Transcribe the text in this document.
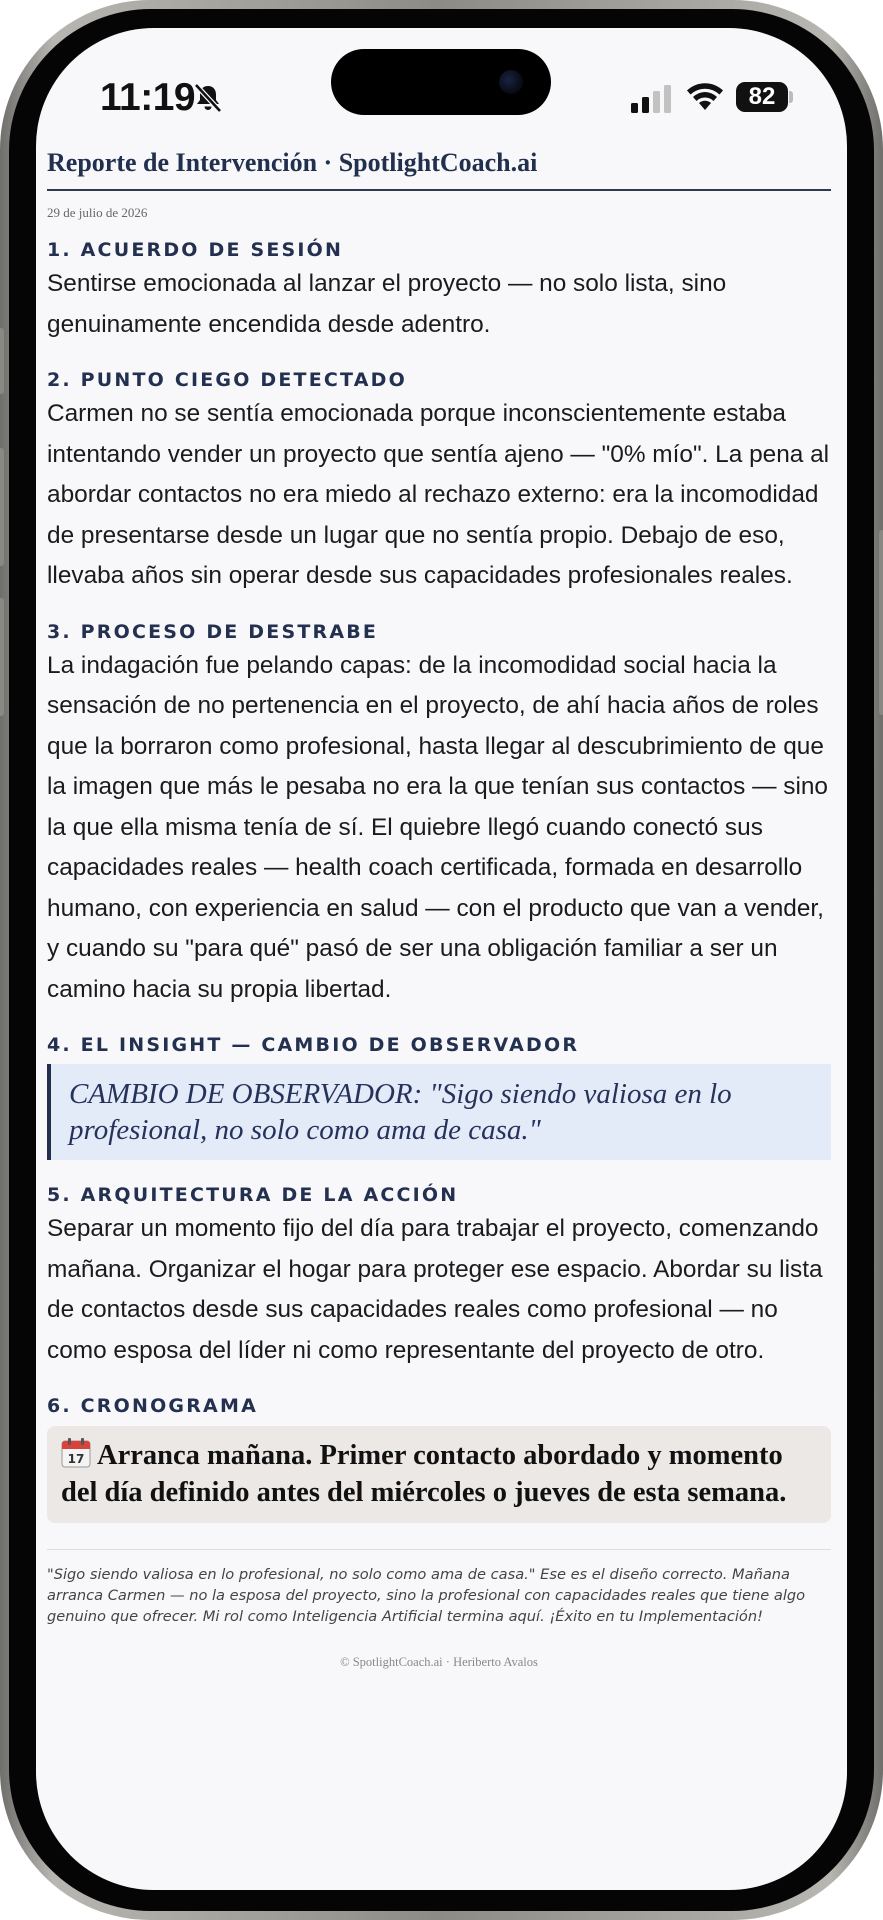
11:19	82
Reporte de Intervención · SpotlightCoach.ai
29 de julio de 2026
1. ACUERDO DE SESIÓN
Sentirse emocionada al lanzar el proyecto — no solo lista, sino genuinamente encendida desde adentro.
2. PUNTO CIEGO DETECTADO
Carmen no se sentía emocionada porque inconscientemente estaba intentando vender un proyecto que sentía ajeno — "0% mío". La pena al abordar contactos no era miedo al rechazo externo: era la incomodidad de presentarse desde un lugar que no sentía propio. Debajo de eso, llevaba años sin operar desde sus capacidades profesionales reales.
3. PROCESO DE DESTRABE
La indagación fue pelando capas: de la incomodidad social hacia la sensación de no pertenencia en el proyecto, de ahí hacia años de roles que la borraron como profesional, hasta llegar al descubrimiento de que la imagen que más le pesaba no era la que tenían sus contactos — sino la que ella misma tenía de sí. El quiebre llegó cuando conectó sus capacidades reales — health coach certificada, formada en desarrollo humano, con experiencia en salud — con el producto que van a vender, y cuando su "para qué" pasó de ser una obligación familiar a ser un camino hacia su propia libertad.
4. EL INSIGHT — CAMBIO DE OBSERVADOR
CAMBIO DE OBSERVADOR: "Sigo siendo valiosa en lo profesional, no solo como ama de casa."
5. ARQUITECTURA DE LA ACCIÓN
Separar un momento fijo del día para trabajar el proyecto, comenzando mañana. Organizar el hogar para proteger ese espacio. Abordar su lista de contactos desde sus capacidades reales como profesional — no como esposa del líder ni como representante del proyecto de otro.
6. CRONOGRAMA
17 Arranca mañana. Primer contacto abordado y momento del día definido antes del miércoles o jueves de esta semana.
"Sigo siendo valiosa en lo profesional, no solo como ama de casa." Ese es el diseño correcto. Mañana arranca Carmen — no la esposa del proyecto, sino la profesional con capacidades reales que tiene algo genuino que ofrecer. Mi rol como Inteligencia Artificial termina aquí. ¡Éxito en tu Implementación!
© SpotlightCoach.ai · Heriberto Avalos
